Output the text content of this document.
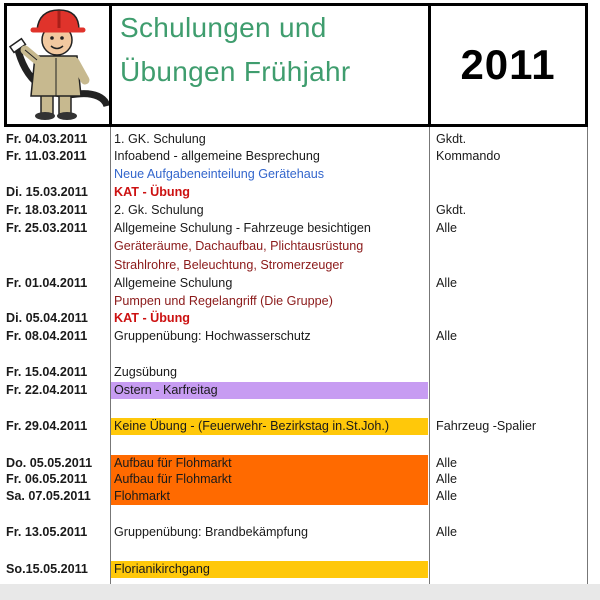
Schulungen und
Übungen Frühjahr	2011
Fr. 04.03.2011	1. GK. Schulung	Gkdt.
Fr. 11.03.2011	Infoabend - allgemeine Besprechung	Kommando
Neue Aufgabeneinteilung Gerätehaus
Di. 15.03.2011	KAT - Übung
Fr. 18.03.2011	2. Gk. Schulung	Gkdt.
Fr. 25.03.2011	Allgemeine Schulung - Fahrzeuge besichtigen	Alle
Geräteräume, Dachaufbau, Plichtausrüstung
Strahlrohre, Beleuchtung, Stromerzeuger
Fr. 01.04.2011	Allgemeine Schulung	Alle
Pumpen und Regelangriff (Die Gruppe)
Di. 05.04.2011	KAT - Übung
Fr. 08.04.2011	Gruppenübung: Hochwasserschutz	Alle
Fr. 15.04.2011	Zugsübung
Fr. 22.04.2011	Ostern - Karfreitag
Fr. 29.04.2011	Keine Übung - (Feuerwehr- Bezirkstag in.St.Joh.)	Fahrzeug -Spalier
Do. 05.05.2011	Aufbau für Flohmarkt	Alle
Fr. 06.05.2011	Aufbau für Flohmarkt	Alle
Sa. 07.05.2011	Flohmarkt	Alle
Fr. 13.05.2011	Gruppenübung: Brandbekämpfung	Alle
So.15.05.2011	Florianikirchgang
